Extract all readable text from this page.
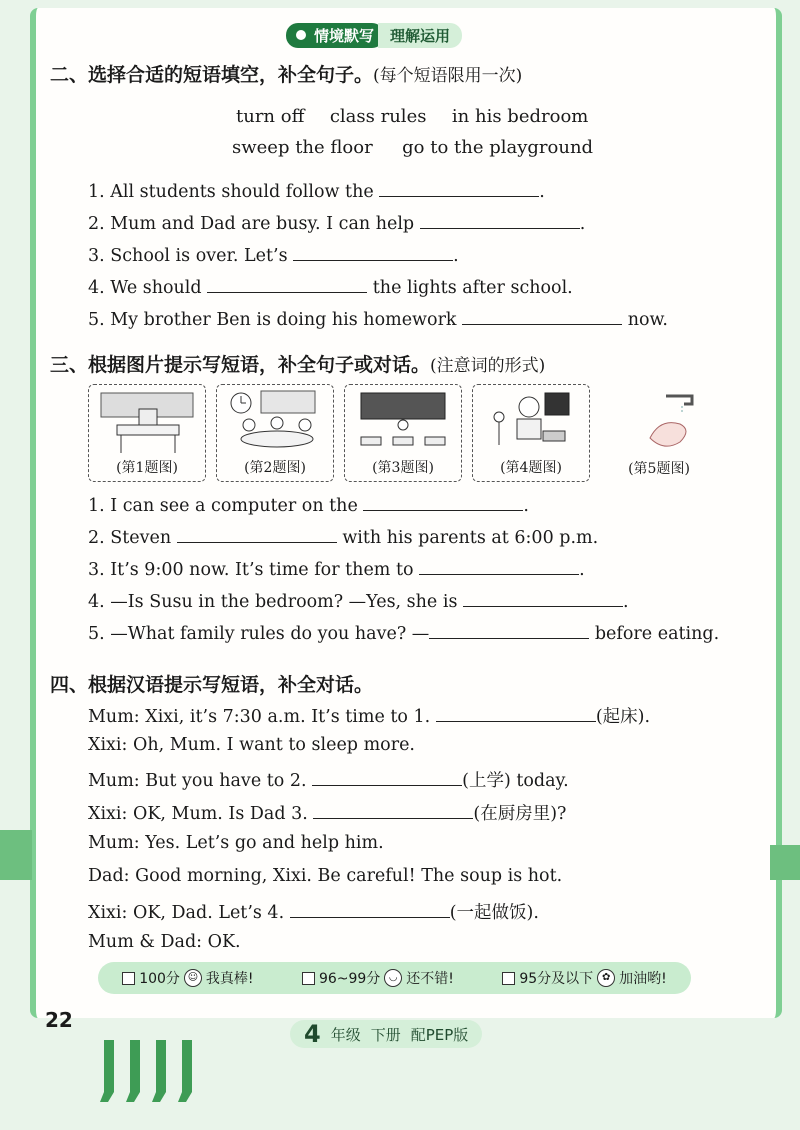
情境默写	理解运用
二、选择合适的短语填空，补全句子。(每个短语限用一次)
turn off class rules in his bedroom
sweep the floor go to the playground
1. All students should follow the	.
2. Mum and Dad are busy. I can help	.
3. School is over. Let’s	.
4. We should	the lights after school.
5. My brother Ben is doing his homework	now.
三、根据图片提示写短语，补全句子或对话。(注意词的形式)
(第1题图)	(第2题图)	(第3题图)	(第4题图)	(第5题图)
1. I can see a computer on the	.
2. Steven	with his parents at 6:00 p.m.
3. It’s 9:00 now. It’s time for them to	.
4. —Is Susu in the bedroom? —Yes, she is	.
5. —What family rules do you have? —	before eating.
四、根据汉语提示写短语，补全对话。
Mum: Xixi, it’s 7:30 a.m. It’s time to 1.	(起床).
Xixi: Oh, Mum. I want to sleep more.
Mum: But you have to 2.	(上学) today.
Xixi: OK, Mum. Is Dad 3.	(在厨房里)?
Mum: Yes. Let’s go and help him.
Dad: Good morning, Xixi. Be careful! The soup is hot.
Xixi: OK, Dad. Let’s 4.	(一起做饭).
Mum & Dad: OK.
100分 ☺ 我真棒!	96~99分 ◡ 还不错!	95分及以下 ✿ 加油哟!
22	4 年级 下册 配PEP版
